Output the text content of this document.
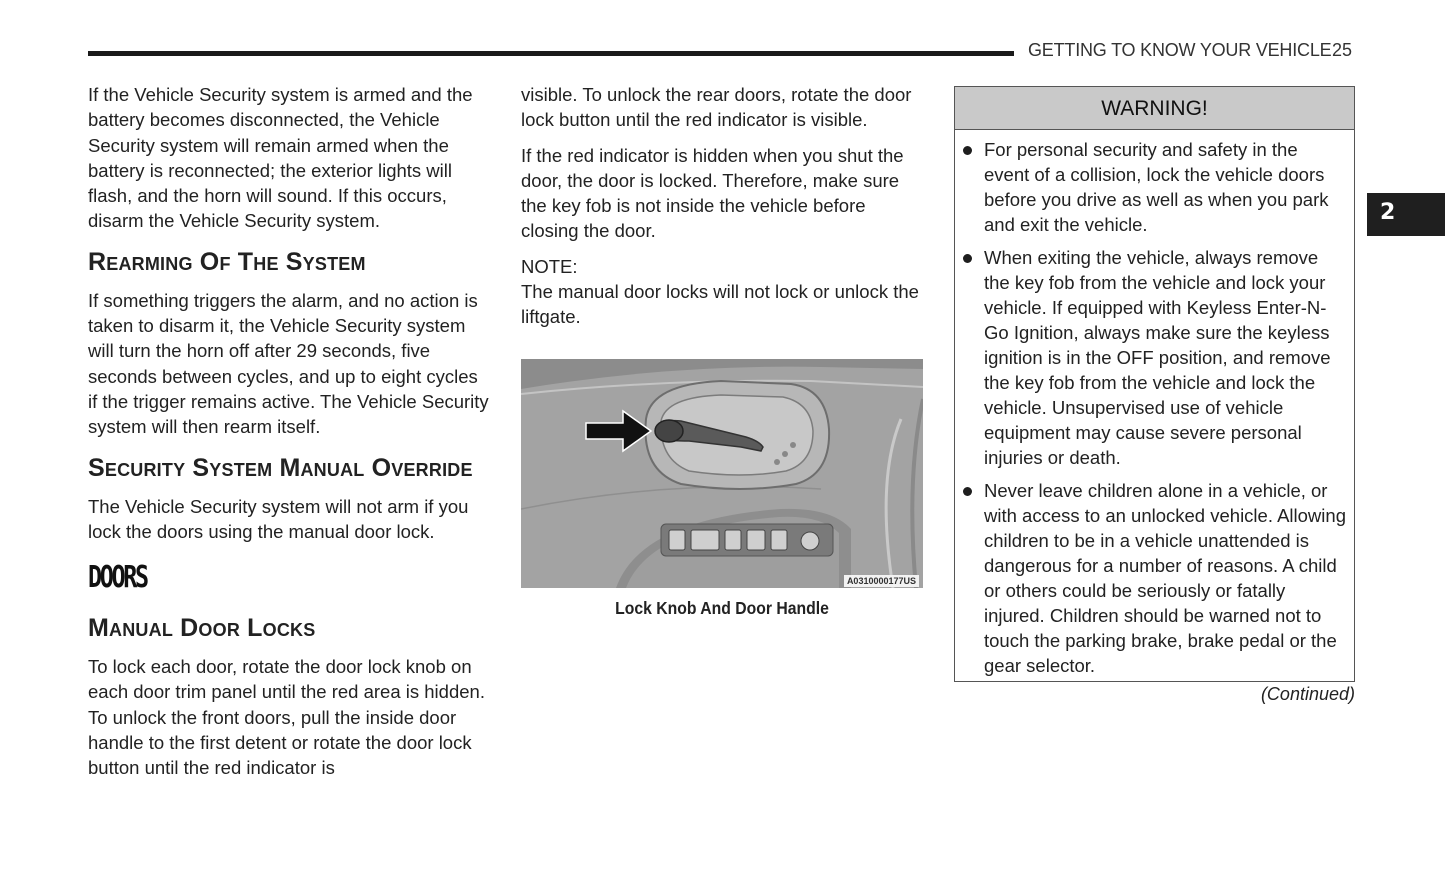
GETTING TO KNOW YOUR VEHICLE 25
2

If the Vehicle Security system is armed and the battery becomes disconnected, the Vehicle Security system will remain armed when the battery is reconnected; the exterior lights will flash, and the horn will sound. If this occurs, disarm the Vehicle Security system.

Rearming Of The System

If something triggers the alarm, and no action is taken to disarm it, the Vehicle Security system will turn the horn off after 29 seconds, five seconds between cycles, and up to eight cycles if the trigger remains active. The Vehicle Security system will then rearm itself.

Security System Manual Override

The Vehicle Security system will not arm if you lock the doors using the manual door lock.

DOORS
Manual Door Locks

To lock each door, rotate the door lock knob on each door trim panel until the red area is hidden. To unlock the front doors, pull the inside door handle to the first detent or rotate the door lock button until the red indicator is

visible. To unlock the rear doors, rotate the door lock button until the red indicator is visible.

If the red indicator is hidden when you shut the door, the door is locked. Therefore, make sure the key fob is not inside the vehicle before closing the door.

NOTE:

The manual door locks will not lock or unlock the liftgate.

A0310000177US
Lock Knob And Door Handle
WARNING!
For personal security and safety in the event of a collision, lock the vehicle doors before you drive as well as when you park and exit the vehicle.
When exiting the vehicle, always remove the key fob from the vehicle and lock your vehicle. If equipped with Keyless Enter-N-Go Ignition, always make sure the keyless ignition is in the OFF position, and remove the key fob from the vehicle and lock the vehicle. Unsupervised use of vehicle equipment may cause severe personal injuries or death.
Never leave children alone in a vehicle, or with access to an unlocked vehicle. Allowing children to be in a vehicle unattended is dangerous for a number of reasons. A child or others could be seriously or fatally injured. Children should be warned not to touch the parking brake, brake pedal or the gear selector.
(Continued)
